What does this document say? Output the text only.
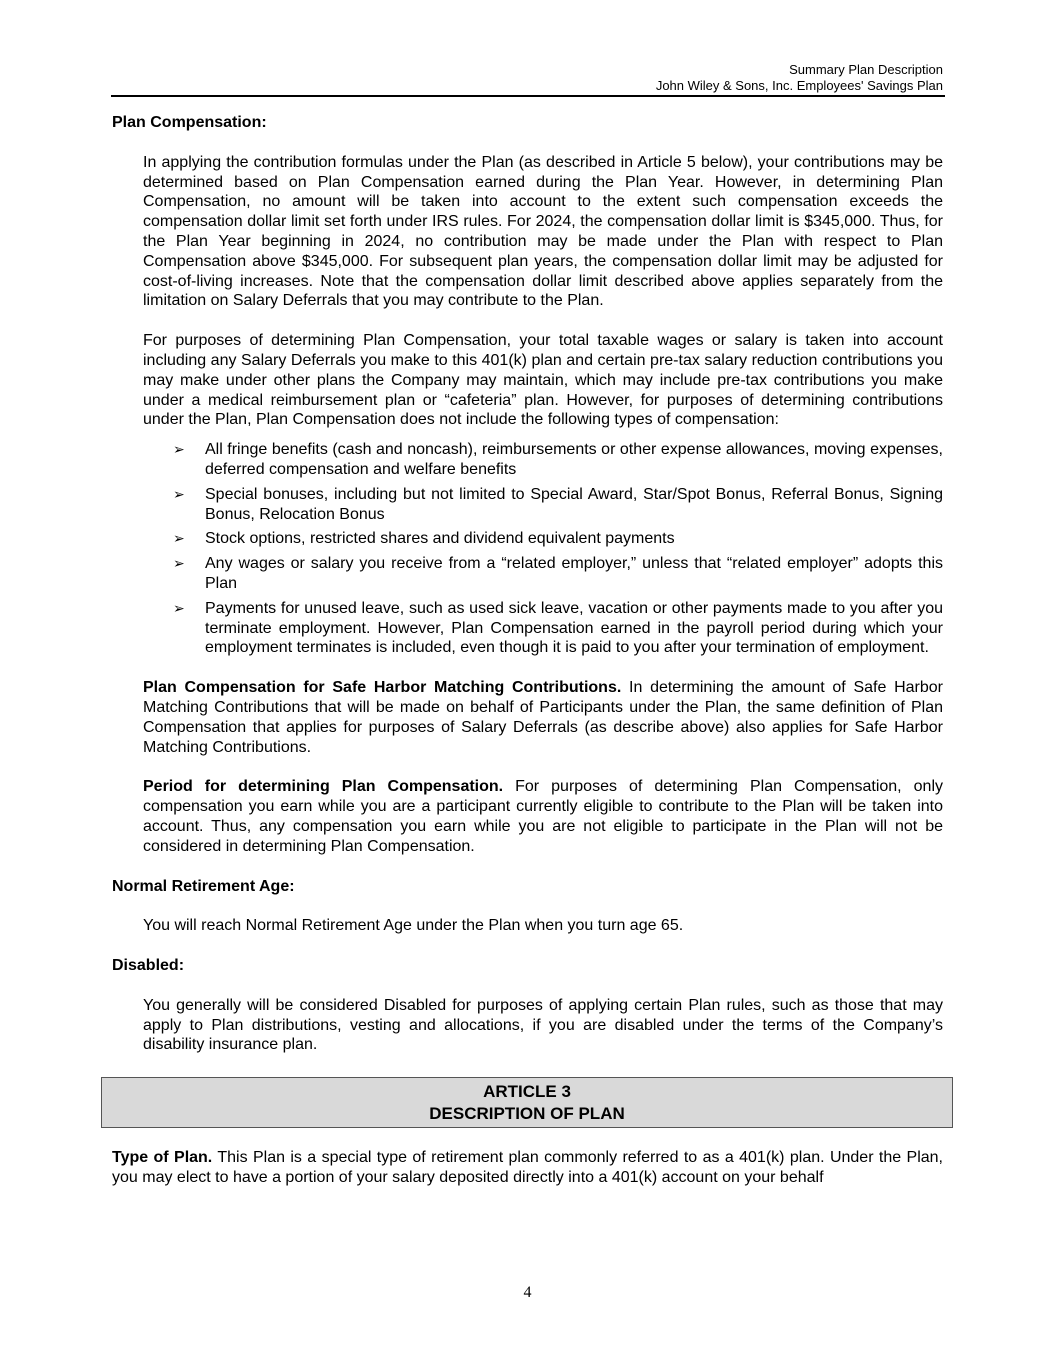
Summary Plan Description
John Wiley & Sons, Inc. Employees' Savings Plan
Plan Compensation:

In applying the contribution formulas under the Plan (as described in Article 5 below), your contributions may be determined based on Plan Compensation earned during the Plan Year. However, in determining Plan Compensation, no amount will be taken into account to the extent such compensation exceeds the compensation dollar limit set forth under IRS rules. For 2024, the compensation dollar limit is $345,000. Thus, for the Plan Year beginning in 2024, no contribution may be made under the Plan with respect to Plan Compensation above $345,000. For subsequent plan years, the compensation dollar limit may be adjusted for cost-of-living increases. Note that the compensation dollar limit described above applies separately from the limitation on Salary Deferrals that you may contribute to the Plan.

For purposes of determining Plan Compensation, your total taxable wages or salary is taken into account including any Salary Deferrals you make to this 401(k) plan and certain pre-tax salary reduction contributions you may make under other plans the Company may maintain, which may include pre-tax contributions you make under a medical reimbursement plan or “cafeteria” plan. However, for purposes of determining contributions under the Plan, Plan Compensation does not include the following types of compensation:

➢ All fringe benefits (cash and noncash), reimbursements or other expense allowances, moving expenses, deferred compensation and welfare benefits
➢ Special bonuses, including but not limited to Special Award, Star/Spot Bonus, Referral Bonus, Signing Bonus, Relocation Bonus
➢ Stock options, restricted shares and dividend equivalent payments
➢ Any wages or salary you receive from a “related employer,” unless that “related employer” adopts this Plan
➢ Payments for unused leave, such as used sick leave, vacation or other payments made to you after you terminate employment. However, Plan Compensation earned in the payroll period during which your employment terminates is included, even though it is paid to you after your termination of employment.

Plan Compensation for Safe Harbor Matching Contributions. In determining the amount of Safe Harbor Matching Contributions that will be made on behalf of Participants under the Plan, the same definition of Plan Compensation that applies for purposes of Salary Deferrals (as describe above) also applies for Safe Harbor Matching Contributions.

Period for determining Plan Compensation. For purposes of determining Plan Compensation, only compensation you earn while you are a participant currently eligible to contribute to the Plan will be taken into account. Thus, any compensation you earn while you are not eligible to participate in the Plan will not be considered in determining Plan Compensation.

Normal Retirement Age:

You will reach Normal Retirement Age under the Plan when you turn age 65.

Disabled:

You generally will be considered Disabled for purposes of applying certain Plan rules, such as those that may apply to Plan distributions, vesting and allocations, if you are disabled under the terms of the Company’s disability insurance plan.

ARTICLE 3
DESCRIPTION OF PLAN

Type of Plan. This Plan is a special type of retirement plan commonly referred to as a 401(k) plan. Under the Plan, you may elect to have a portion of your salary deposited directly into a 401(k) account on your behalf

4
